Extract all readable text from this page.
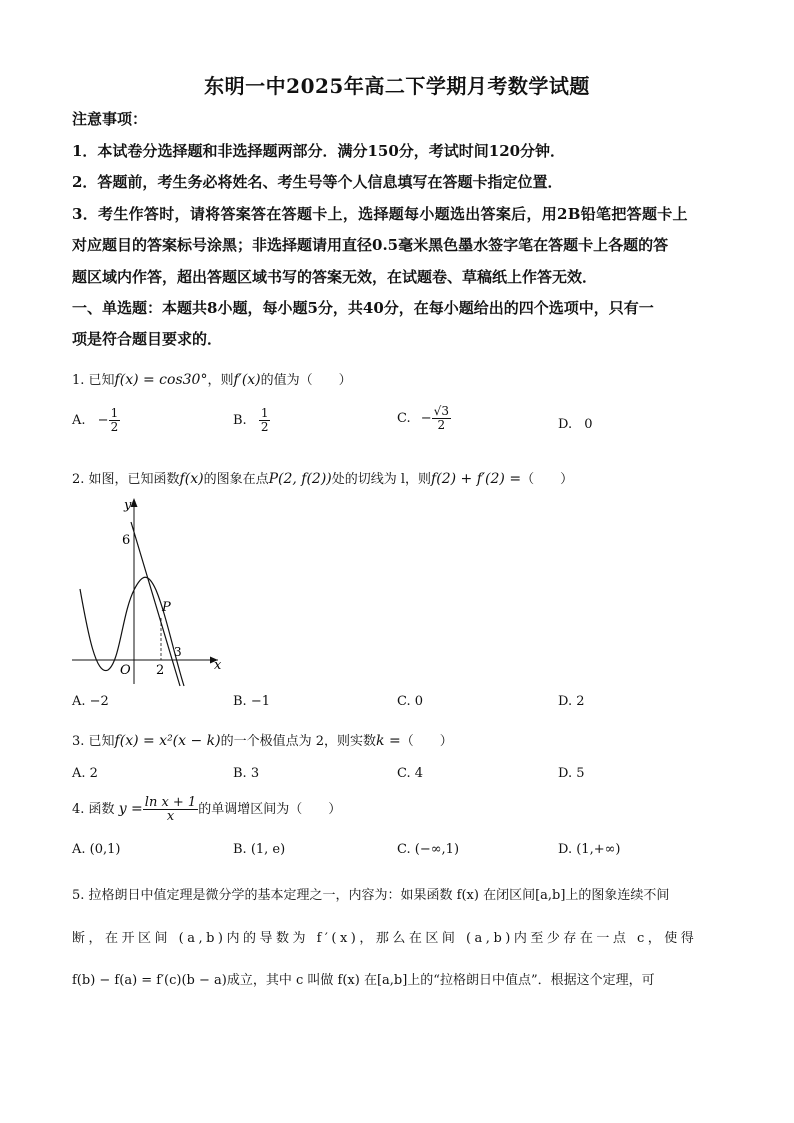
东明一中2025年高二下学期月考数学试题
注意事项：
1．本试卷分选择题和非选择题两部分．满分150分，考试时间120分钟．
2．答题前，考生务必将姓名、考生号等个人信息填写在答题卡指定位置．
3．考生作答时，请将答案答在答题卡上，选择题每小题选出答案后，用2B铅笔把答题卡上
对应题目的答案标号涂黑；非选择题请用直径0.5毫米黑色墨水签字笔在答题卡上各题的答
题区域内作答，超出答题区域书写的答案无效，在试题卷、草稿纸上作答无效．
一、单选题：本题共8小题，每小题5分，共40分，在每小题给出的四个选项中，只有一
项是符合题目要求的．
1. 已知f(x) = cos30°，则f′(x)的值为（　　）
A. − $\frac{1}{2}$	B. $\frac{1}{2}$	C. − $\frac{√3}{2}$	D. 0
2. 如图，已知函数f(x)的图象在点P(2, f(2))处的切线为 l，则f(2) + f′(2) =（　　）
y
x
6
O 2
3
P
A. −2	B. −1	C. 0	D. 2
3. 已知f(x) = x²(x − k)的一个极值点为 2，则实数k =（　　）
A. 2	B. 3	C. 4	D. 5
4. 函数 $y = \frac{\text{ln x + 1}}{x}$ 的单调增区间为（　　）
A. (0,1)	B. (1, e)	C. (−∞,1)	D. (1,+∞)
5. 拉格朗日中值定理是微分学的基本定理之一，内容为：如果函数 f(x) 在闭区间[a,b]上的图象连续不间
断，在开区间 (a,b)内的导数为 f′(x)，那么在区间 (a,b)内至少存在一点 c，使得
f(b) − f(a) = f′(c)(b − a)成立，其中 c 叫做 f(x) 在[a,b]上的“拉格朗日中值点”．根据这个定理，可
